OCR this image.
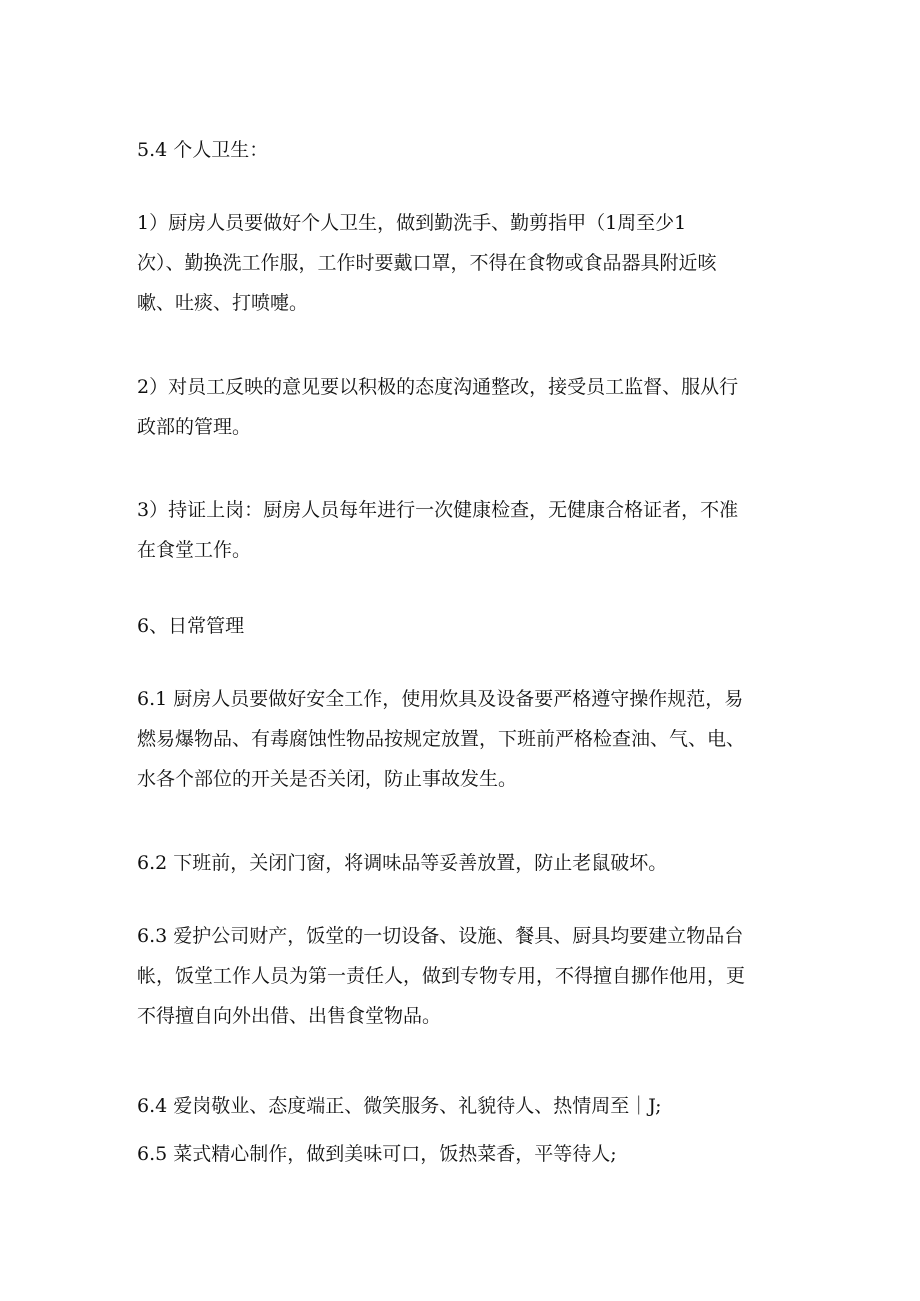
5.4 个人卫生：
1）厨房人员要做好个人卫生，做到勤洗手、勤剪指甲（1周至少1
次）、勤换洗工作服，工作时要戴口罩，不得在食物或食品器具附近咳
嗽、吐痰、打喷嚏。
2）对员工反映的意见要以积极的态度沟通整改，接受员工监督、服从行
政部的管理。
3）持证上岗：厨房人员每年进行一次健康检查，无健康合格证者，不准
在食堂工作。
6、日常管理
6.1 厨房人员要做好安全工作，使用炊具及设备要严格遵守操作规范，易
燃易爆物品、有毒腐蚀性物品按规定放置，下班前严格检查油、气、电、
水各个部位的开关是否关闭，防止事故发生。
6.2 下班前，关闭门窗，将调味品等妥善放置，防止老鼠破坏。
6.3 爱护公司财产，饭堂的一切设备、设施、餐具、厨具均要建立物品台
帐，饭堂工作人员为第一责任人，做到专物专用，不得擅自挪作他用，更
不得擅自向外出借、出售食堂物品。
6.4 爱岗敬业、态度端正、微笑服务、礼貌待人、热情周至｜J;
6.5 菜式精心制作，做到美味可口，饭热菜香，平等待人;
